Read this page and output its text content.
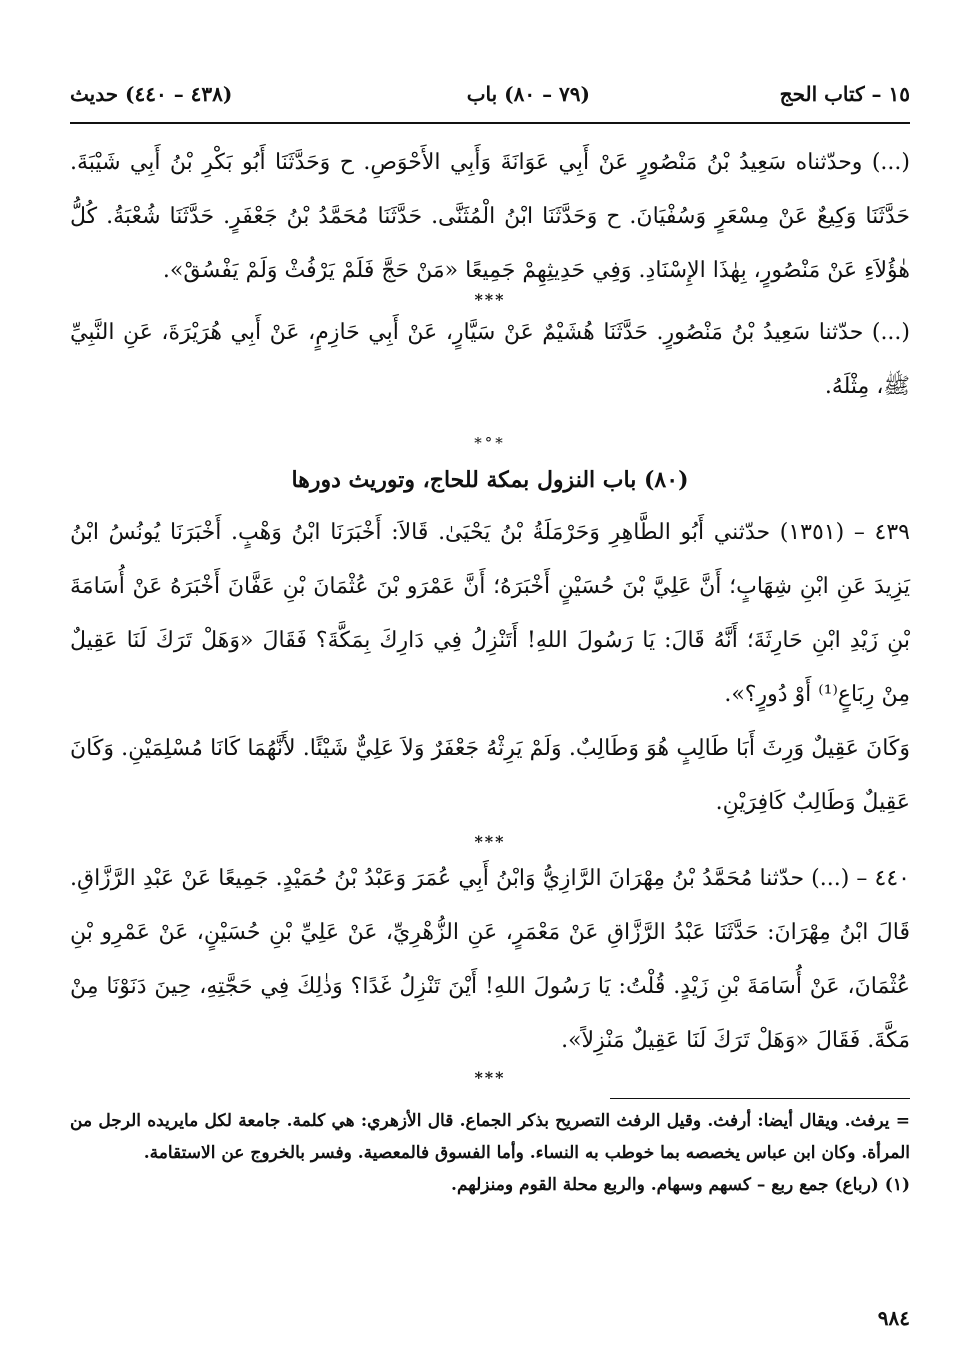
١٥ – كتاب الحج
(٧٩ – ٨٠) باب
(٤٣٨ – ٤٤٠) حديث

(...) وحدّثناه سَعِيدُ بْنُ مَنْصُورٍ عَنْ أَبِي عَوَانَةَ وَأَبِي الأَحْوَصِ. ح وَحَدَّثَنَا أَبُو بَكْرِ بْنُ أَبِي شَيْبَةَ. حَدَّثَنَا وَكِيعٌ عَنْ مِسْعَرٍ وَسُفْيَانَ. ح وَحَدَّثَنَا ابْنُ الْمُثَنَّى. حَدَّثَنَا مُحَمَّدُ بْنُ جَعْفَرٍ. حَدَّثَنَا شُعْبَةُ. كُلُّ هٰؤُلاَءِ عَنْ مَنْصُورٍ، بِهٰذَا الإِسْنَادِ. وَفِي حَدِيثِهِمْ جَمِيعًا «مَنْ حَجَّ فَلَمْ يَرْفُثْ وَلَمْ يَفْسُقْ».

***

(...) حدّثنا سَعِيدُ بْنُ مَنْصُورٍ. حَدَّثَنَا هُشَيْمٌ عَنْ سَيَّارٍ، عَنْ أَبِي حَازِمٍ، عَنْ أَبِي هُرَيْرَةَ، عَنِ النَّبِيِّ ﷺ، مِثْلَهُ.

*°*

(٨٠) باب النزول بمكة للحاج، وتوريث دورها

٤٣٩ – (١٣٥١) حدّثني أَبُو الطَّاهِرِ وَحَرْمَلَةُ بْنُ يَحْيَىٰ. قَالاَ: أَخْبَرَنَا ابْنُ وَهْبٍ. أَخْبَرَنَا يُونُسُ ابْنُ يَزِيدَ عَنِ ابْنِ شِهَابٍ؛ أَنَّ عَلِيَّ بْنَ حُسَيْنٍ أَخْبَرَهُ؛ أَنَّ عَمْرَو بْنَ عُثْمَانَ بْنِ عَفَّانَ أَخْبَرَهُ عَنْ أُسَامَةَ بْنِ زَيْدِ ابْنِ حَارِثَةَ؛ أَنَّهُ قَالَ: يَا رَسُولَ اللهِ! أَتَنْزِلُ فِي دَارِكَ بِمَكَّةَ؟ فَقَالَ «وَهَلْ تَرَكَ لَنَا عَقِيلٌ مِنْ رِبَاعٍ⁽¹⁾ أَوْ دُورٍ؟».

وَكَانَ عَقِيلٌ وَرِثَ أَبَا طَالِبٍ هُوَ وَطَالِبٌ. وَلَمْ يَرِثْهُ جَعْفَرٌ وَلاَ عَلِيٌّ شَيْئًا. لأَنَّهُمَا كَانَا مُسْلِمَيْنِ. وَكَانَ عَقِيلٌ وَطَالِبٌ كَافِرَيْنِ.

***

٤٤٠ – (...) حدّثنا مُحَمَّدُ بْنُ مِهْرَانَ الرَّازِيُّ وَابْنُ أَبِي عُمَرَ وَعَبْدُ بْنُ حُمَيْدٍ. جَمِيعًا عَنْ عَبْدِ الرَّزَّاقِ. قَالَ ابْنُ مِهْرَانَ: حَدَّثَنَا عَبْدُ الرَّزَّاقِ عَنْ مَعْمَرٍ، عَنِ الزُّهْرِيِّ، عَنْ عَلِيِّ بْنِ حُسَيْنٍ، عَنْ عَمْرِو بْنِ عُثْمَانَ، عَنْ أُسَامَةَ بْنِ زَيْدٍ. قُلْتُ: يَا رَسُولَ اللهِ! أَيْنَ تَنْزِلُ غَدًا؟ وَذٰلِكَ فِي حَجَّتِهِ، حِينَ دَنَوْنَا مِنْ مَكَّةَ. فَقَالَ «وَهَلْ تَرَكَ لَنَا عَقِيلٌ مَنْزِلاً».

***

= يرفث. ويقال أيضا: أرفث. وقيل الرفث التصريح بذكر الجماع. قال الأزهري: هي كلمة. جامعة لكل مايريده الرجل من المرأة. وكان ابن عباس يخصصه بما خوطب به النساء. وأما الفسوق فالمعصية. وفسر بالخروج عن الاستقامة.

(١) (رباع) جمع ربع – كسهم وسهام. والربع محلة القوم ومنزلهم.

٩٨٤
